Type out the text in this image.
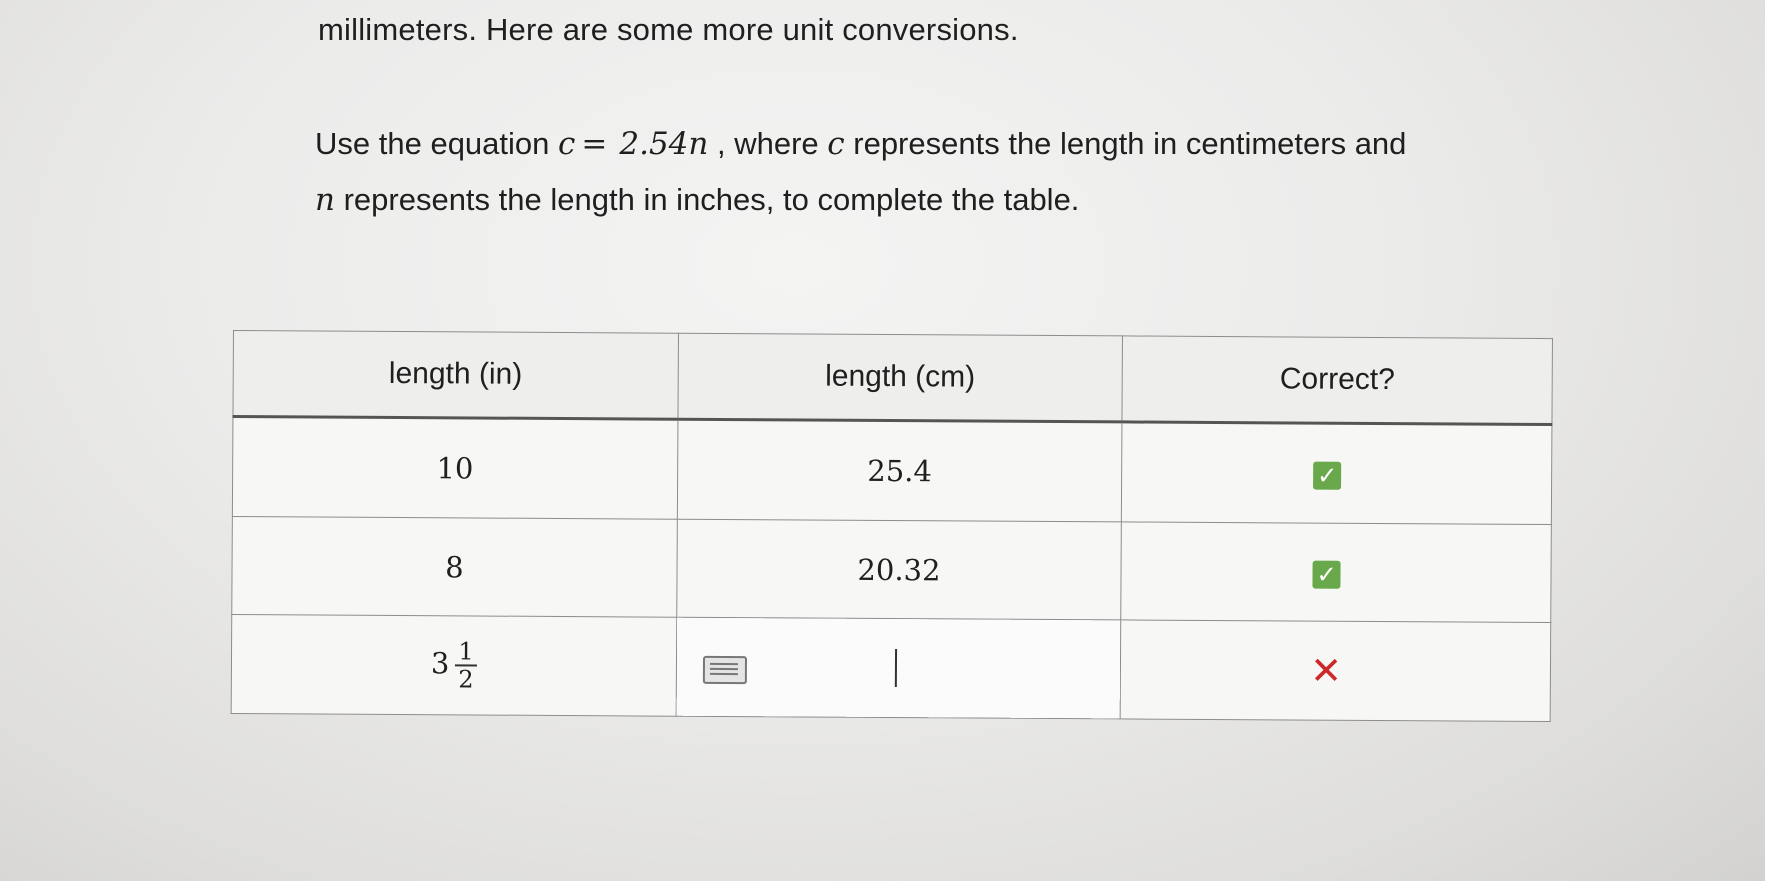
millimeters. Here are some more unit conversions.
Use the equation c = 2.54n , where c represents the length in centimeters and n represents the length in inches, to complete the table.
length (in)	length (cm)	Correct?
10	25.4	✓
8	20.32	✓
$3 \frac{1}{2}$		✕
